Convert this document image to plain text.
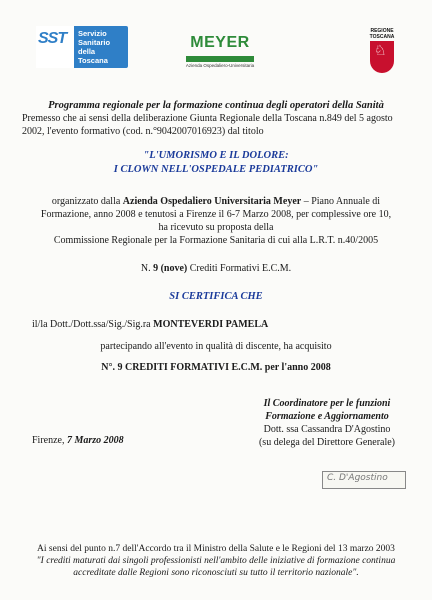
SST Servizio
Sanitario
della
Toscana
MEYER
Azienda Ospedaliero-Universitaria
REGIONE
TOSCANA
♘
Programma regionale per la formazione continua degli operatori della Sanità
Premesso che ai sensi della deliberazione Giunta Regionale della Toscana n.849 del 5 agosto 2002, l'evento formativo (cod. n.°9042007016923) dal titolo
"L'UMORISMO E IL DOLORE:
I CLOWN NELL'OSPEDALE PEDIATRICO"
organizzato dalla Azienda Ospedaliero Universitaria Meyer – Piano Annuale di
Formazione, anno 2008 e tenutosi a Firenze il 6-7 Marzo 2008, per complessive ore 10,
ha ricevuto su proposta della
Commissione Regionale per la Formazione Sanitaria di cui alla L.R.T. n.40/2005
N. 9 (nove) Crediti Formativi E.C.M.
SI CERTIFICA CHE
il/la Dott./Dott.ssa/Sig./Sig.ra MONTEVERDI PAMELA
partecipando all'evento in qualità di discente, ha acquisito
N°. 9 CREDITI FORMATIVI E.C.M. per l'anno 2008
Il Coordinatore per le funzioni
Formazione e Aggiornamento
Dott. ssa Cassandra D'Agostino
(su delega del Direttore Generale)
Firenze, 7 Marzo 2008
C. D'Agostino
Ai sensi del punto n.7 dell'Accordo tra il Ministro della Salute e le Regioni del 13 marzo 2003
"I crediti maturati dai singoli professionisti nell'ambito delle iniziative di formazione continua
accreditate dalle Regioni sono riconosciuti su tutto il territorio nazionale".
